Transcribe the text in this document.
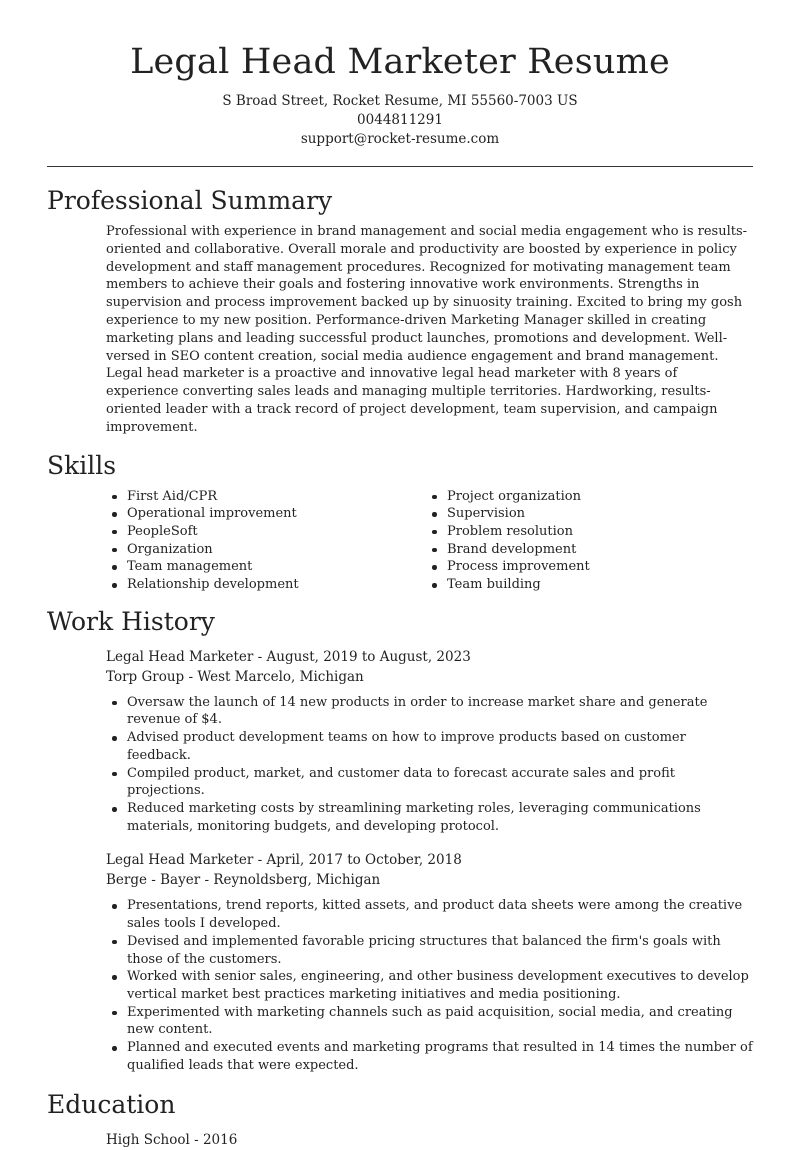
Legal Head Marketer Resume
S Broad Street, Rocket Resume, MI 55560-7003 US
0044811291
support@rocket-resume.com
Professional Summary

Professional with experience in brand management and social media engagement who is results-oriented and collaborative. Overall morale and productivity are boosted by experience in policy development and staff management procedures. Recognized for motivating management team members to achieve their goals and fostering innovative work environments. Strengths in supervision and process improvement backed up by sinuosity training. Excited to bring my gosh experience to my new position. Performance-driven Marketing Manager skilled in creating marketing plans and leading successful product launches, promotions and development. Well-versed in SEO content creation, social media audience engagement and brand management. Legal head marketer is a proactive and innovative legal head marketer with 8 years of experience converting sales leads and managing multiple territories. Hardworking, results-oriented leader with a track record of project development, team supervision, and campaign improvement.

Skills
First Aid/CPR
Operational improvement
PeopleSoft
Organization
Team management
Relationship development
Project organization
Supervision
Problem resolution
Brand development
Process improvement
Team building
Work History
Legal Head Marketer - August, 2019 to August, 2023
Torp Group - West Marcelo, Michigan
Oversaw the launch of 14 new products in order to increase market share and generate revenue of $4.
Advised product development teams on how to improve products based on customer feedback.
Compiled product, market, and customer data to forecast accurate sales and profit projections.
Reduced marketing costs by streamlining marketing roles, leveraging communications materials, monitoring budgets, and developing protocol.
Legal Head Marketer - April, 2017 to October, 2018
Berge - Bayer - Reynoldsberg, Michigan
Presentations, trend reports, kitted assets, and product data sheets were among the creative sales tools I developed.
Devised and implemented favorable pricing structures that balanced the firm's goals with those of the customers.
Worked with senior sales, engineering, and other business development executives to develop vertical market best practices marketing initiatives and media positioning.
Experimented with marketing channels such as paid acquisition, social media, and creating new content.
Planned and executed events and marketing programs that resulted in 14 times the number of qualified leads that were expected.
Education
High School - 2016
